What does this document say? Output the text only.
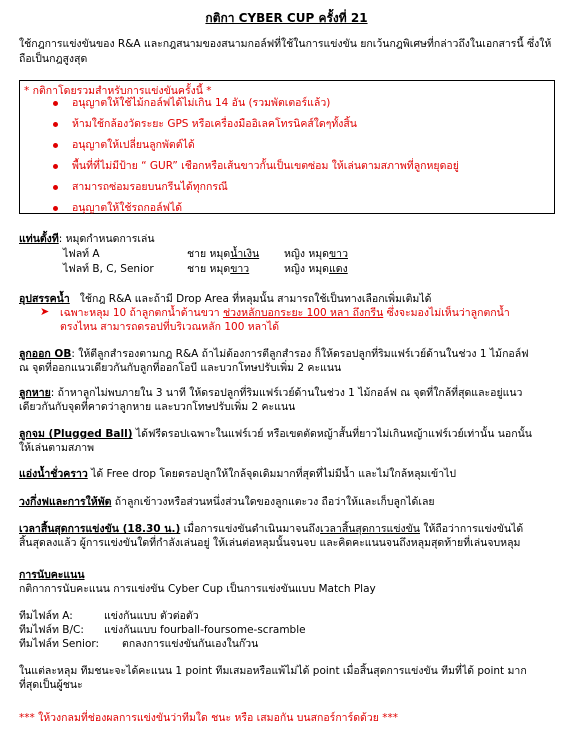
กติกา CYBER CUP ครั้งที่ 21
ใช้กฎการแข่งขันของ R&A และกฎสนามของสนามกอล์ฟที่ใช้ในการแข่งขัน ยกเว้นกฎพิเศษที่กล่าวถึงในเอกสารนี้ ซึ่งให้ถือเป็นกฎสูงสุด
* กติกาโดยรวมสำหรับการแข่งขันครั้งนี้ *
อนุญาตให้ใช้ไม้กอล์ฟได้ไม่เกิน 14 อัน (รวมพัตเตอร์แล้ว)
ห้ามใช้กล้องวัดระยะ GPS หรือเครื่องมืออิเลคโทรนิคส์ใดๆทั้งสิ้น
อนุญาตให้เปลี่ยนลูกพัตต์ได้
พื้นที่ที่ไม่มีป้าย “ GUR” เชือกหรือเส้นขาวกั้นเป็นเขตซ่อม ให้เล่นตามสภาพที่ลูกหยุดอยู่
สามารถซ่อมรอยบนกรีนได้ทุกกรณี
อนุญาตให้ใช้รถกอล์ฟได้
แท่นตั้งที: หมุดกำหนดการเล่น
ไฟลท์ A	ชาย หมุดน้ำเงิน หญิง หมุดขาว
ไฟลท์ B, C, Senior	ชาย หมุดขาว	หญิง หมุดแดง
อุปสรรคน้ำ ใช้กฎ R&A และถ้ามี Drop Area ที่หลุมนั้น สามารถใช้เป็นทางเลือกเพิ่มเติมได้
➤ เฉพาะหลุม 10 ถ้าลูกตกน้ำด้านขวา ช่วงหลักบอกระยะ 100 หลา ถึงกรีน ซึ่งจะมองไม่เห็นว่าลูกตกน้ำ
ตรงไหน สามารถดรอปที่บริเวณหลัก 100 หลาได้
ลูกออก OB: ให้ตีลูกสำรองตามกฎ R&A ถ้าไม่ต้องการตีลูกสำรอง ก็ให้ดรอปลูกที่ริมแฟร์เวย์ด้านในช่วง 1 ไม้กอล์ฟ
ณ จุดที่ออกแนวเดียวกันกับลูกที่ออกโอบี และบวกโทษปรับเพิ่ม 2 คะแนน
ลูกหาย: ถ้าหาลูกไม่พบภายใน 3 นาที ให้ดรอปลูกที่ริมแฟร์เวย์ด้านในช่วง 1 ไม้กอล์ฟ ณ จุดที่ใกล้ที่สุดและอยู่แนว
เดียวกันกับจุดที่คาดว่าลูกหาย และบวกโทษปรับเพิ่ม 2 คะแนน
ลูกจม (Plugged Ball) ได้ฟรีดรอปเฉพาะในแฟร์เวย์ หรือเขตตัดหญ้าสั้นที่ยาวไม่เกินหญ้าแฟร์เวย์เท่านั้น นอกนั้น
ให้เล่นตามสภาพ
แอ่งน้ำชั่วคราว ได้ Free drop โดยดรอปลูกให้ใกล้จุดเดิมมากที่สุดที่ไม่มีน้ำ และไม่ใกล้หลุมเข้าไป
วงกึ่งฟและการให้พัต ถ้าลูกเข้าวงหรือส่วนหนึ่งส่วนใดของลูกแตะวง ถือว่าให้และเก็บลูกได้เลย
เวลาสิ้นสุดการแข่งขัน (18.30 น.) เมื่อการแข่งขันดำเนินมาจนถึงเวลาสิ้นสุดการแข่งขัน ให้ถือว่าการแข่งขันได้
สิ้นสุดลงแล้ว ผู้การแข่งขันใดที่กำลังเล่นอยู่ ให้เล่นต่อหลุมนั้นจนจบ และคิดคะแนนจนถึงหลุมสุดท้ายที่เล่นจบหลุม
การนับคะแนน
กติกาการนับคะแนน การแข่งขัน Cyber Cup เป็นการแข่งขันแบบ Match Play
ทีมไฟล์ท A:	แข่งกันแบบ ตัวต่อตัว
ทีมไฟล์ท B/C: แข่งกันแบบ fourball-foursome-scramble
ทีมไฟล์ท Senior: ตกลงการแข่งขันกันเองในก๊วน
ในแต่ละหลุม ทีมชนะจะได้คะแนน 1 point ทีมเสมอหรือแพ้ไม่ได้ point เมื่อสิ้นสุดการแข่งขัน ทีมที่ได้ point มาก
ที่สุดเป็นผู้ชนะ
*** ให้วงกลมที่ช่องผลการแข่งขันว่าทีมใด ชนะ หรือ เสมอกัน บนสกอร์การ์ดด้วย ***
